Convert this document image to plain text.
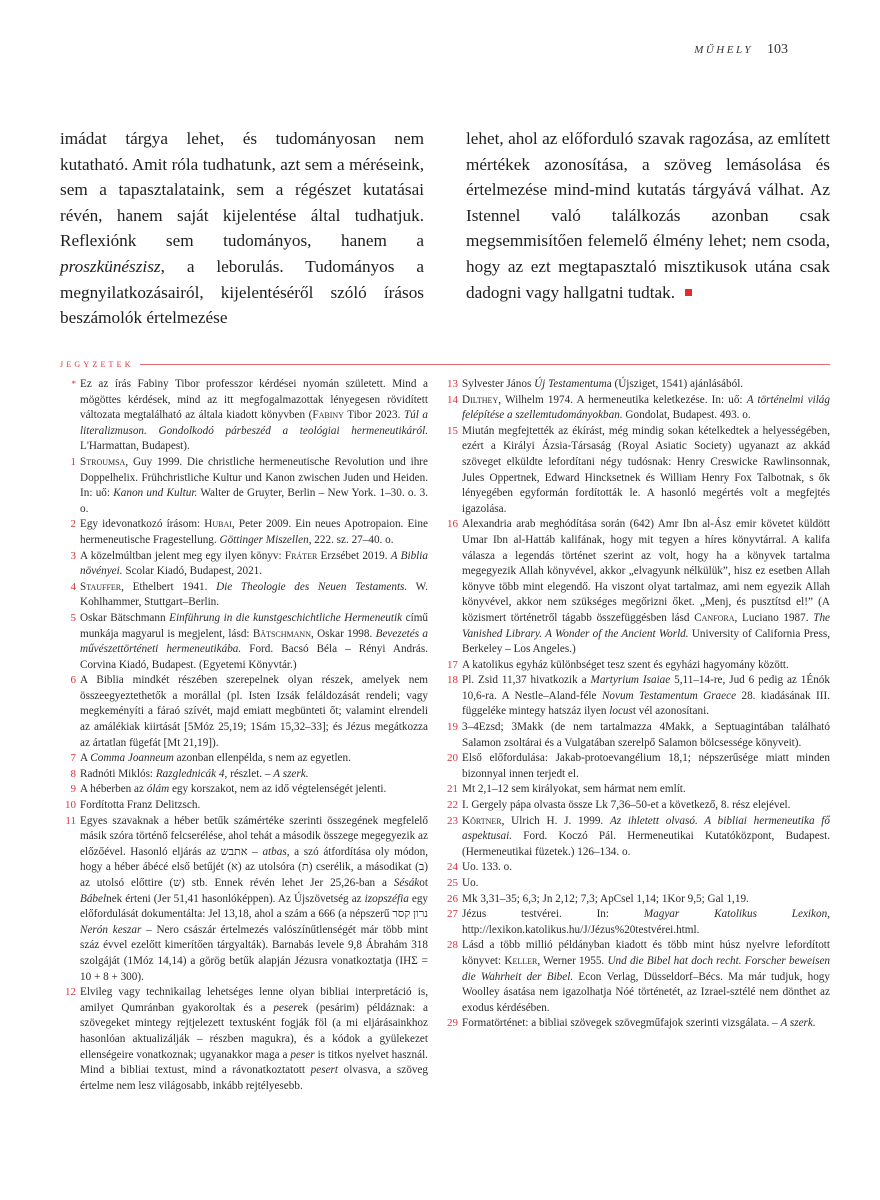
MŰHELY 103

imádat tárgya lehet, és tudományosan nem kutatható. Amit róla tudhatunk, azt sem a méréseink, sem a tapasztalataink, sem a régészet kutatásai révén, hanem saját kijelentése által tudhatjuk. Reflexiónk sem tudományos, hanem a proszkünészisz, a leborulás. Tudományos a megnyilatkozásairól, kijelentéséről szóló írásos beszámolók értelmezése

lehet, ahol az előforduló szavak ragozása, az említett mértékek azonosítása, a szöveg lemásolása és értelmezése mind-mind kutatás tárgyává válhat. Az Istennel való találkozás azonban csak megsemmisítően felemelő élmény lehet; nem csoda, hogy az ezt megtapasztaló misztikusok utána csak dadogni vagy hallgatni tudtak.

JEGYZETEK
* Ez az írás Fabiny Tibor professzor kérdései nyomán született. Mind a mögöttes kérdések, mind az itt megfogalmazottak lényegesen rövidített változata megtalálható az általa kiadott könyvben (Fabiny Tibor 2023. Túl a literalizmuson. Gondolkodó párbeszéd a teológiai hermeneutikáról. L'Harmattan, Budapest).
1 Stroumsa, Guy 1999. Die christliche hermeneutische Revolution und ihre Doppelhelix. Frühchristliche Kultur und Kanon zwischen Juden und Heiden. In: uő: Kanon und Kultur. Walter de Gruyter, Berlin – New York. 1–30. o. 3. o.
2 Egy idevonatkozó írásom: Hubai, Peter 2009. Ein neues Apotropaion. Eine hermeneutische Fragestellung. Göttinger Miszellen, 222. sz. 27–40. o.
3 A közelmúltban jelent meg egy ilyen könyv: Fráter Erzsébet 2019. A Biblia növényei. Scolar Kiadó, Budapest, 2021.
4 Stauffer, Ethelbert 1941. Die Theologie des Neuen Testaments. W. Kohlhammer, Stuttgart–Berlin.
5 Oskar Bätschmann Einführung in die kunstgeschichtliche Hermeneutik című munkája magyarul is megjelent, lásd: Bätschmann, Oskar 1998. Bevezetés a művészettörténeti hermeneutikába. Ford. Bacsó Béla – Rényi András. Corvina Kiadó, Budapest. (Egyetemi Könyvtár.)
6 A Biblia mindkét részében szerepelnek olyan részek, amelyek nem összeegyeztethetők a morállal (pl. Isten Izsák feláldozását rendeli; vagy megkeményíti a fáraó szívét, majd emiatt megbünteti őt; valamint elrendeli az amálékiak kiirtását [5Móz 25,19; 1Sám 15,32–33]; és Jézus megátkozza az ártatlan fügefát [Mt 21,19]).
7 A Comma Joanneum azonban ellenpélda, s nem az egyetlen.
8 Radnóti Miklós: Razglednicák 4, részlet. – A szerk.
9 A héberben az ólám egy korszakot, nem az idő végtelenségét jelenti.
10 Fordította Franz Delitzsch.
11 Egyes szavaknak a héber betűk számértéke szerinti összegének megfelelő másik szóra történő felcserélése, ahol tehát a második összege megegyezik az előzőével. Hasonló eljárás az אתבש – atbas, a szó átfordítása oly módon, hogy a héber ábécé első betűjét (א) az utolsóra (ת) cserélik, a másodikat (ב) az utolsó előttire (ש) stb. Ennek révén lehet Jer 25,26-ban a Sésákot Bábelnek érteni (Jer 51,41 hasonlóképpen). Az Újszövetség az izopszéfia egy előfordulását dokumentálta: Jel 13,18, ahol a szám a 666 (a népszerű נרון קסר Nerón keszar – Nero császár értelmezés valószínűtlenségét már több mint száz évvel ezelőtt kimerítően tárgyalták). Barnabás levele 9,8 Ábrahám 318 szolgáját (1Móz 14,14) a görög betűk alapján Jézusra vonatkoztatja (IHΣ = 10 + 8 + 300).
12 Elvileg vagy technikailag lehetséges lenne olyan bibliai interpretáció is, amilyet Qumránban gyakoroltak és a peserek (pesárim) példáznak: a szövegeket mintegy rejtjelezett textusként fogják föl (a mi eljárásainkhoz hasonlóan aktualizálják – részben magukra), és a kódok a gyülekezet ellenségeire vonatkoznak; ugyanakkor maga a peser is titkos nyelvet használ. Mind a bibliai textust, mind a rávonatkoztatott pesert olvasva, a szöveg értelme nem lesz világosabb, inkább rejtélyesebb.
13 Sylvester János Új Testamentuma (Újsziget, 1541) ajánlásából.
14 Dilthey, Wilhelm 1974. A hermeneutika keletkezése. In: uő: A történelmi világ felépítése a szellemtudományokban. Gondolat, Budapest. 493. o.
15 Miután megfejtették az ékírást, még mindig sokan kételkedtek a helyességében, ezért a Királyi Ázsia-Társaság (Royal Asiatic Society) ugyanazt az akkád szöveget elküldte lefordítani négy tudósnak: Henry Creswicke Rawlinsonnak, Jules Oppertnek, Edward Hincksetnek és William Henry Fox Talbotnak, s ők lényegében egyformán fordították le. A hasonló megértés volt a megfejtés igazolása.
16 Alexandria arab meghódítása során (642) Amr Ibn al-Ász emir követet küldött Umar Ibn al-Hattáb kalifának, hogy mit tegyen a híres könyvtárral. A kalifa válasza a legendás történet szerint az volt, hogy ha a könyvek tartalma megegyezik Allah könyvével, akkor „elvagyunk nélkülük”, hisz ez esetben Allah könyve több mint elegendő. Ha viszont olyat tartalmaz, ami nem egyezik Allah könyvével, akkor nem szükséges megőrizni őket. „Menj, és pusztítsd el!” (A közismert történetről tágabb összefüggésben lásd Canfora, Luciano 1987. The Vanished Library. A Wonder of the Ancient World. University of California Press, Berkeley – Los Angeles.)
17 A katolikus egyház különbséget tesz szent és egyházi hagyomány között.
18 Pl. Zsid 11,37 hivatkozik a Martyrium Isaiae 5,11–14-re, Jud 6 pedig az 1Énók 10,6-ra. A Nestle–Aland-féle Novum Testamentum Graece 28. kiadásának III. függeléke mintegy hatszáz ilyen locust vél azonosítani.
19 3–4Ezsd; 3Makk (de nem tartalmazza 4Makk, a Septuagintában található Salamon zsoltárai és a Vulgatában szerelpő Salamon bölcsessége könyveit).
20 Első előfordulása: Jakab-protoevangélium 18,1; népszerűsége miatt minden bizonnyal innen terjedt el.
21 Mt 2,1–12 sem királyokat, sem hármat nem említ.
22 I. Gergely pápa olvasta össze Lk 7,36–50-et a következő, 8. rész elejével.
23 Körtner, Ulrich H. J. 1999. Az ihletett olvasó. A bibliai hermeneutika fő aspektusai. Ford. Koczó Pál. Hermeneutikai Kutatóközpont, Budapest. (Hermeneutikai füzetek.) 126–134. o.
24 Uo. 133. o.
25 Uo.
26 Mk 3,31–35; 6,3; Jn 2,12; 7,3; ApCsel 1,14; 1Kor 9,5; Gal 1,19.
27 Jézus testvérei. In: Magyar Katolikus Lexikon, http://lexikon.katolikus.hu/J/Jézus%20testvérei.html.
28 Lásd a több millió példányban kiadott és több mint húsz nyelvre lefordított könyvet: Keller, Werner 1955. Und die Bibel hat doch recht. Forscher beweisen die Wahrheit der Bibel. Econ Verlag, Düsseldorf–Bécs. Ma már tudjuk, hogy Woolley ásatása nem igazolhatja Nóé történetét, az Izrael-sztélé nem dönthet az exodus kérdésében.
29 Formatörténet: a bibliai szövegek szövegműfajok szerinti vizsgálata. – A szerk.
